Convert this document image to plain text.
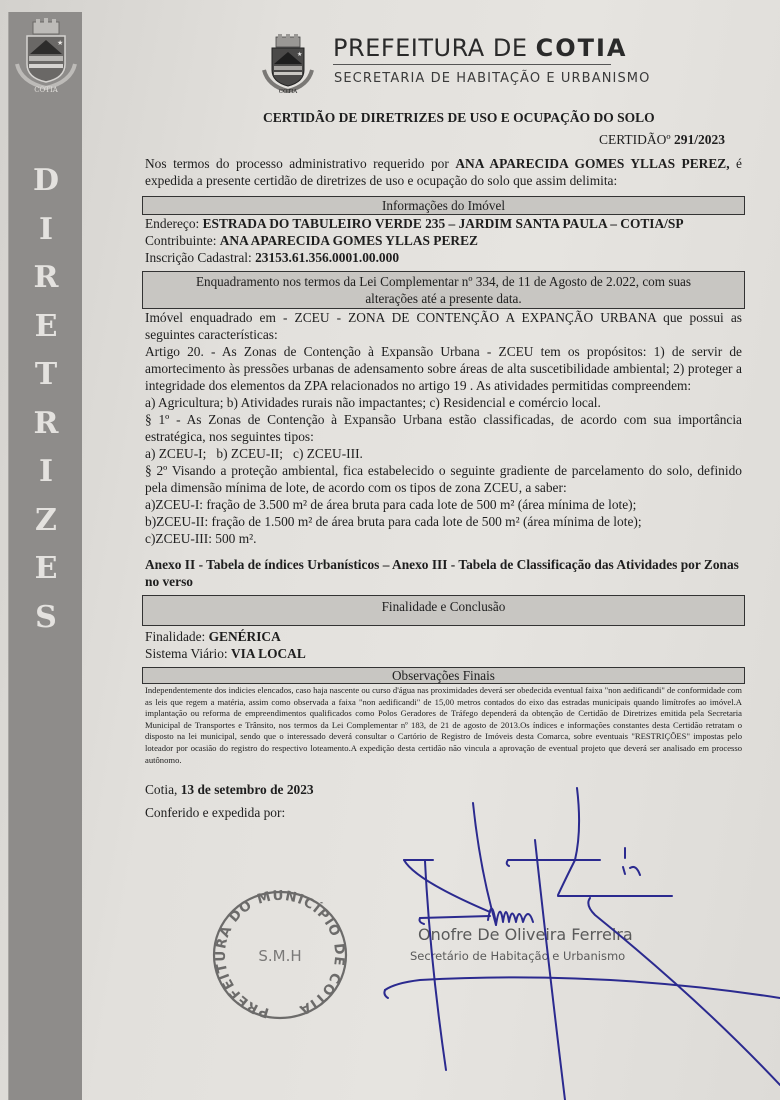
★
COTIA
D
I
R
E
T
R
I
Z
E
S
★
COTIA
PREFEITURA DE COTIA
SECRETARIA DE HABITAÇÃO E URBANISMO
CERTIDÃO DE DIRETRIZES DE USO E OCUPAÇÃO DO SOLO
CERTIDÃOº 291/2023

Nos termos do processo administrativo requerido por ANA APARECIDA GOMES YLLAS PEREZ, é expedida a presente certidão de diretrizes de uso e ocupação do solo que assim delimita:

Informações do Imóvel
Endereço: ESTRADA DO TABULEIRO VERDE 235 – JARDIM SANTA PAULA – COTIA/SP
Contribuinte: ANA APARECIDA GOMES YLLAS PEREZ
Inscrição Cadastral: 23153.61.356.0001.00.000
Enquadramento nos termos da Lei Complementar nº 334, de 11 de Agosto de 2.022, com suas
alterações até a presente data.

Imóvel enquadrado em - ZCEU - ZONA DE CONTENÇÃO A EXPANÇÃO URBANA que possui as seguintes características:

Artigo 20. - As Zonas de Contenção à Expansão Urbana - ZCEU tem os propósitos: 1) de servir de amortecimento às pressões urbanas de adensamento sobre áreas de alta suscetibilidade ambiental; 2) proteger a integridade dos elementos da ZPA relacionados no artigo 19 . As atividades permitidas compreendem:

a) Agricultura; b) Atividades rurais não impactantes; c) Residencial e comércio local.

§ 1º - As Zonas de Contenção à Expansão Urbana estão classificadas, de acordo com sua importância estratégica, nos seguintes tipos:

a) ZCEU-I;   b) ZCEU-II;   c) ZCEU-III.

§ 2º Visando a proteção ambiental, fica estabelecido o seguinte gradiente de parcelamento do solo, definido pela dimensão mínima de lote, de acordo com os tipos de zona ZCEU, a saber:

a)ZCEU-I: fração de 3.500 m² de área bruta para cada lote de 500 m² (área mínima de lote);

b)ZCEU-II: fração de 1.500 m² de área bruta para cada lote de 500 m² (área mínima de lote);

c)ZCEU-III: 500 m².

Anexo II - Tabela de índices Urbanísticos – Anexo III - Tabela de Classificação das Atividades por Zonas no verso

Finalidade e Conclusão
Finalidade: GENÉRICA
Sistema Viário: VIA LOCAL
Observações Finais

Independentemente dos indicies elencados, caso haja nascente ou curso d'água nas proximidades deverá ser obedecida eventual faixa "non aedificandi" de conformidade com as leis que regem a matéria, assim como observada a faixa "non aedificandi" de 15,00 metros contados do eixo das estradas municipais quando limítrofes ao imóvel.A implantação ou reforma de empreendimentos qualificados como Polos Geradores de Tráfego dependerá da obtenção de Certidão de Diretrizes emitida pela Secretaria Municipal de Transportes e Trânsito, nos termos da Lei Complementar nº 183, de 21 de agosto de 2013.Os índices e informações constantes desta Certidão retratam o disposto na lei municipal, sendo que o interessado deverá consultar o Cartório de Registro de Imóveis desta Comarca, sobre eventuais "RESTRIÇÕES" impostas pelo loteador por ocasião do registro do respectivo loteamento.A expedição desta certidão não vincula a aprovação de eventual projeto que deverá ser analisado em processo autônomo.

Cotia, 13 de setembro de 2023
Conferido e expedida por:
PREFEITURA DO MUNICÍPIO DE COTIA
S.M.H
Onofre De Oliveira Ferreira
Secretário de Habitação e Urbanismo
